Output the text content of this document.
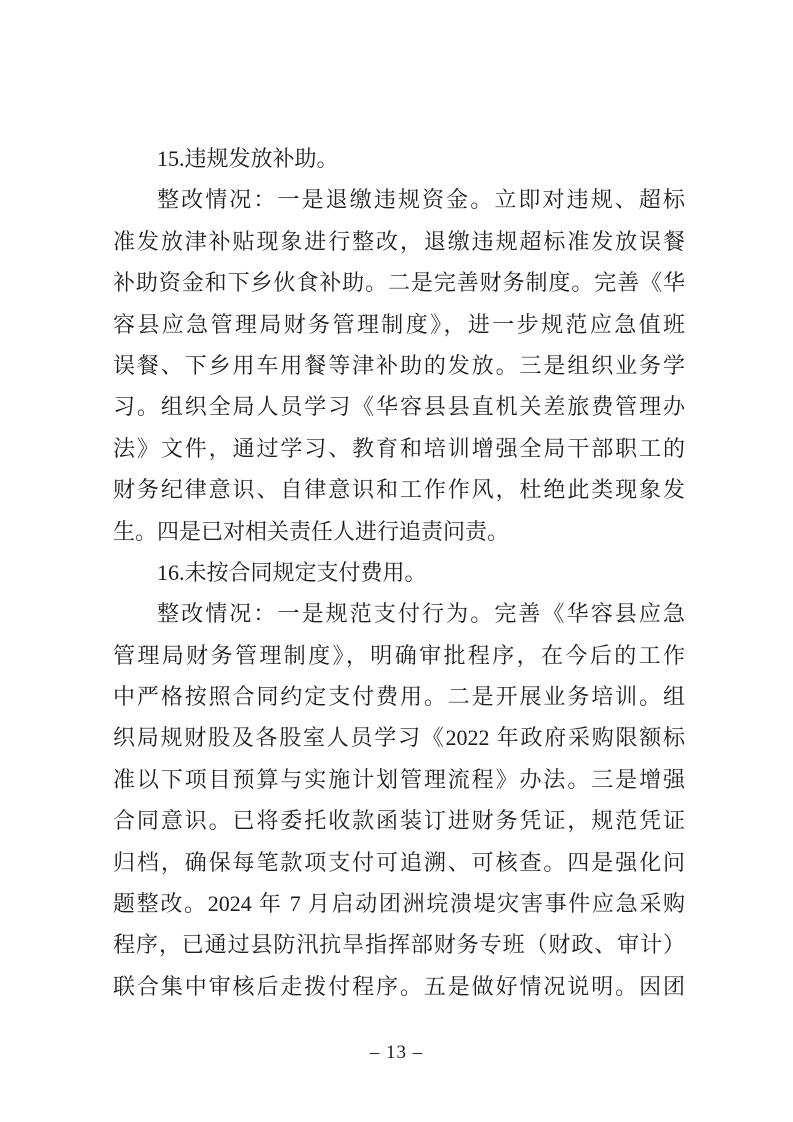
15.违规发放补助。

整改情况：一是退缴违规资金。立即对违规、超标

准发放津补贴现象进行整改，退缴违规超标准发放误餐

补助资金和下乡伙食补助。二是完善财务制度。完善《华

容县应急管理局财务管理制度》，进一步规范应急值班

误餐、下乡用车用餐等津补助的发放。三是组织业务学

习。组织全局人员学习《华容县县直机关差旅费管理办

法》文件，通过学习、教育和培训增强全局干部职工的

财务纪律意识、自律意识和工作作风，杜绝此类现象发

生。四是已对相关责任人进行追责问责。

16.未按合同规定支付费用。

整改情况：一是规范支付行为。完善《华容县应急

管理局财务管理制度》，明确审批程序，在今后的工作

中严格按照合同约定支付费用。二是开展业务培训。组

织局规财股及各股室人员学习《2022 年政府采购限额标

准以下项目预算与实施计划管理流程》办法。三是增强

合同意识。已将委托收款函装订进财务凭证，规范凭证

归档，确保每笔款项支付可追溯、可核查。四是强化问

题整改。2024 年 7 月启动团洲垸溃堤灾害事件应急采购

程序，已通过县防汛抗旱指挥部财务专班（财政、审计）

联合集中审核后走拨付程序。五是做好情况说明。因团

– 13 –
